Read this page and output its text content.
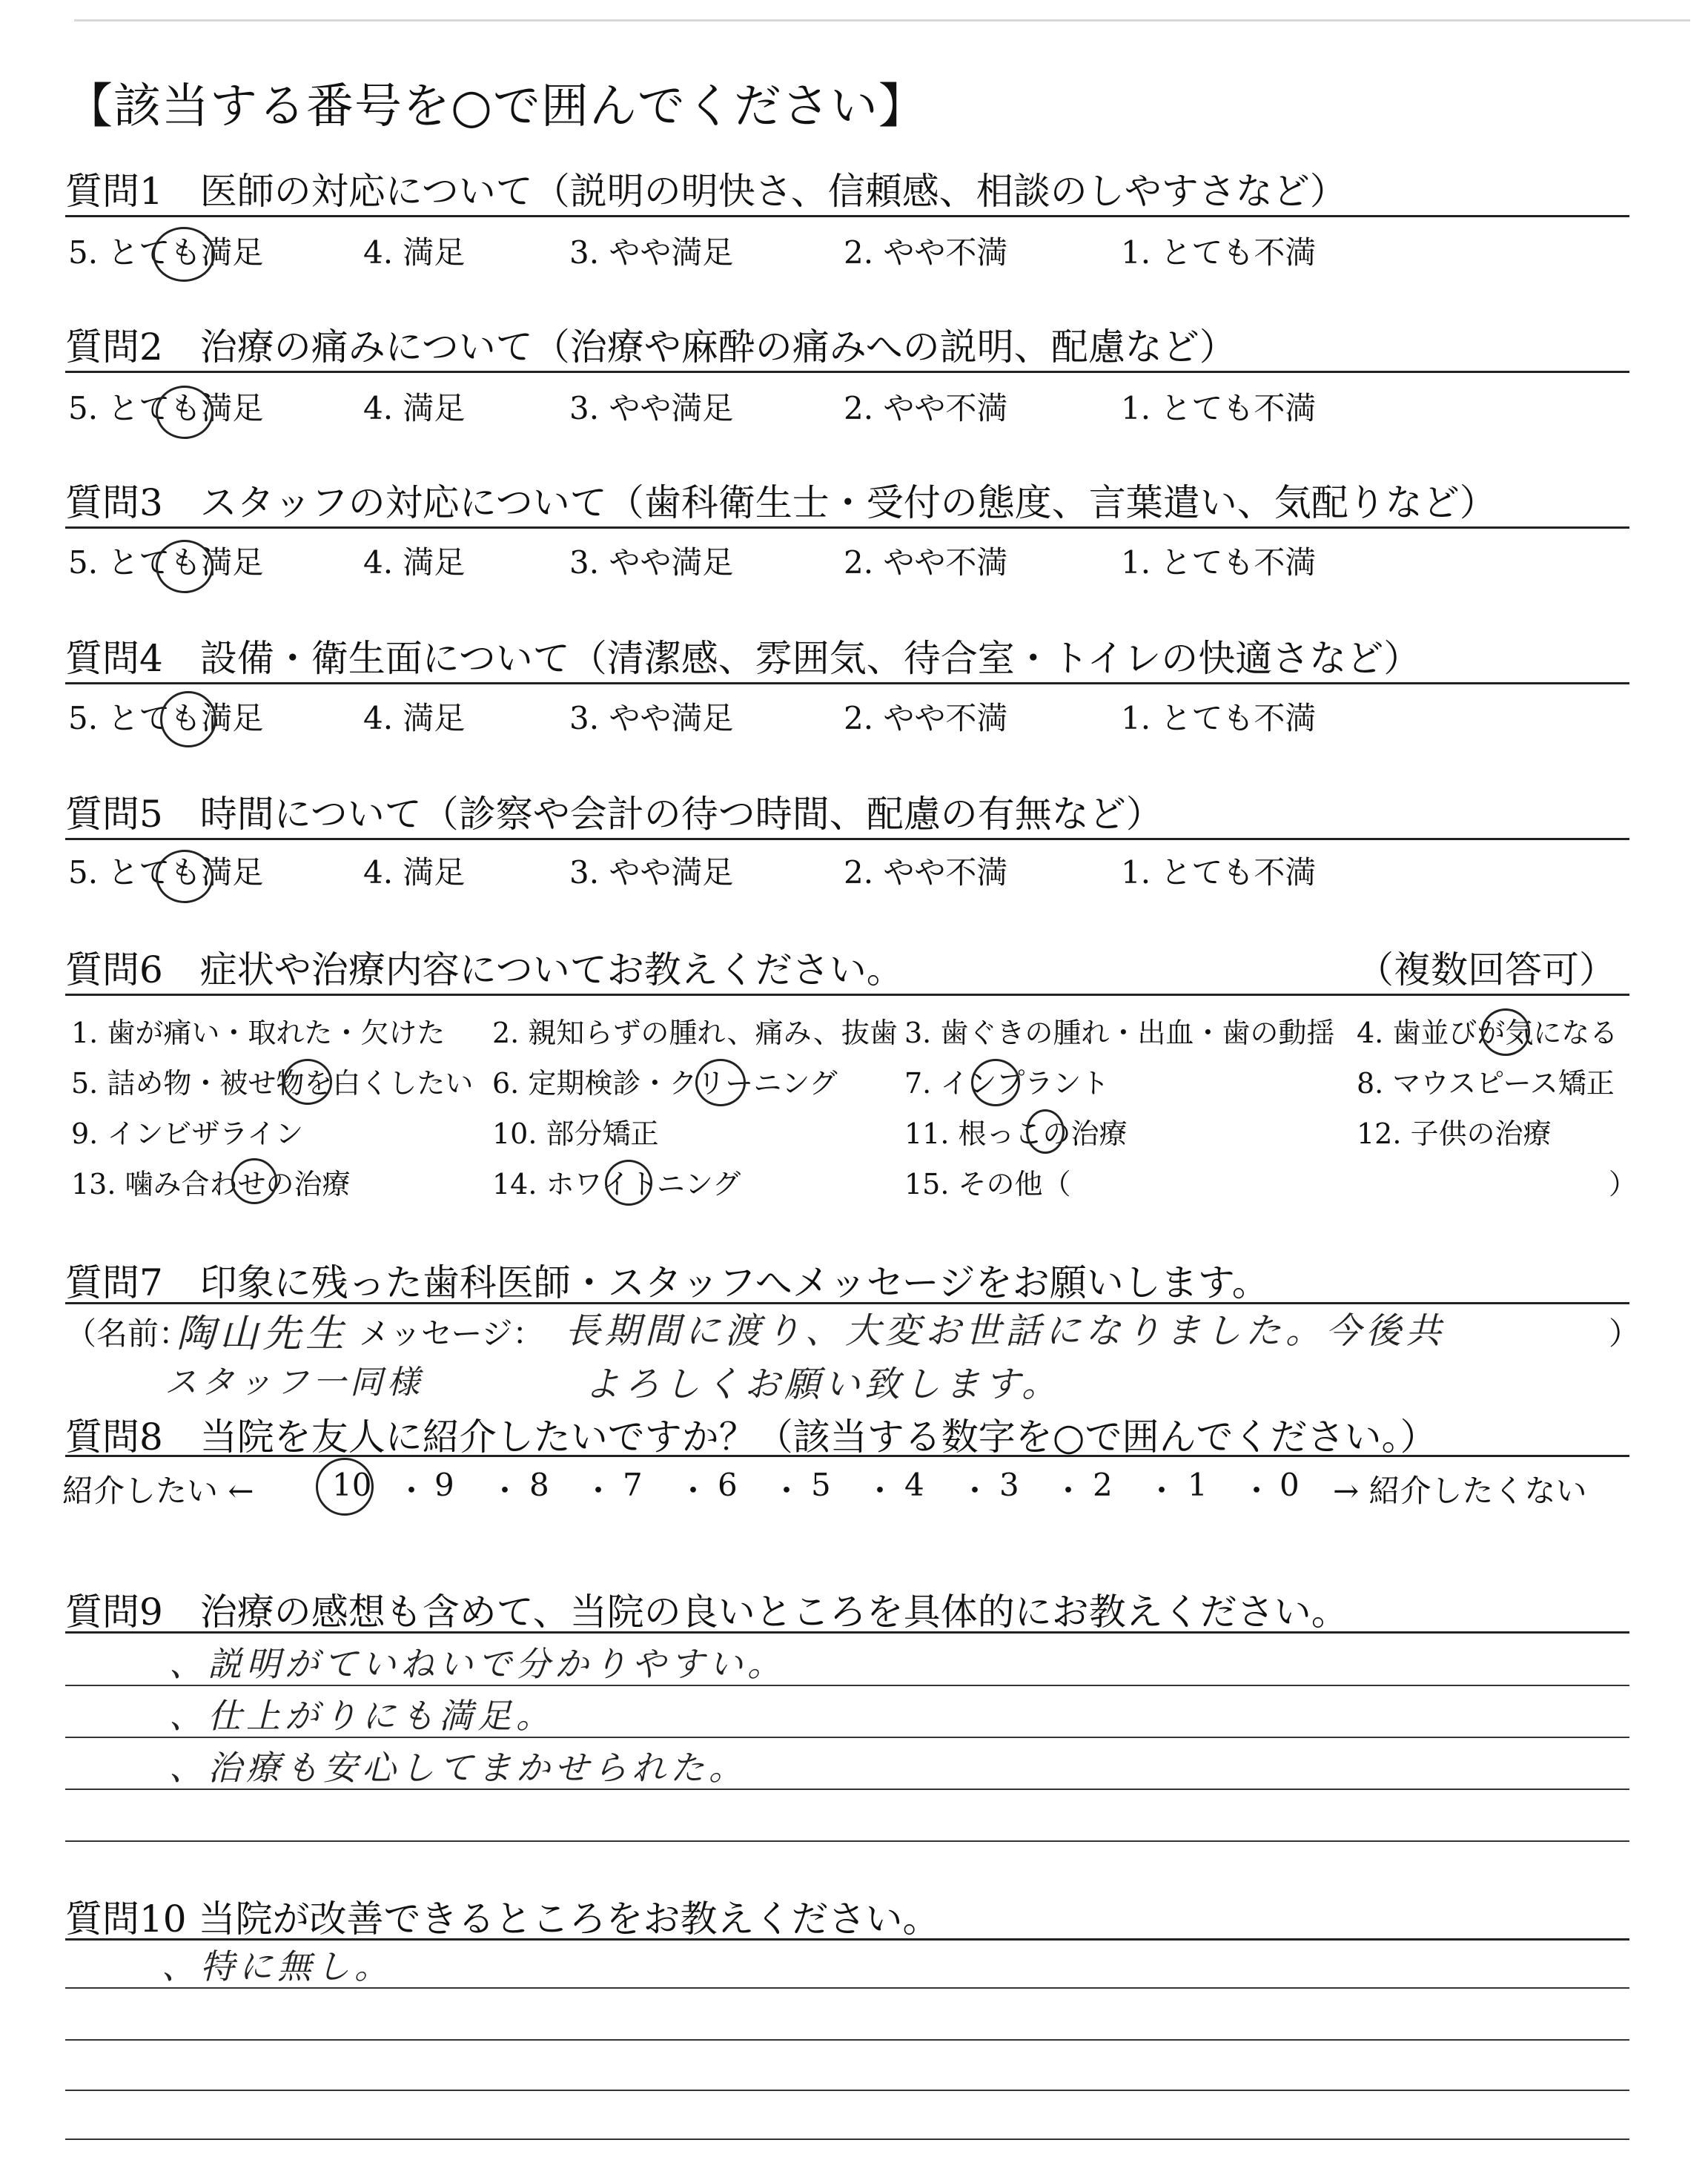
【該当する番号を○で囲んでください】
質問1　医師の対応について（説明の明快さ、信頼感、相談のしやすさなど）
5. とても満足	4. 満足	3. やや満足	2. やや不満	1. とても不満
質問2　治療の痛みについて（治療や麻酔の痛みへの説明、配慮など）
5. とても満足	4. 満足	3. やや満足	2. やや不満	1. とても不満
質問3　スタッフの対応について（歯科衛生士・受付の態度、言葉遣い、気配りなど）
5. とても満足	4. 満足	3. やや満足	2. やや不満	1. とても不満
質問4　設備・衛生面について（清潔感、雰囲気、待合室・トイレの快適さなど）
5. とても満足	4. 満足	3. やや満足	2. やや不満	1. とても不満
質問5　時間について（診察や会計の待つ時間、配慮の有無など）
5. とても満足	4. 満足	3. やや満足	2. やや不満	1. とても不満
質問6　症状や治療内容についてお教えください。	（複数回答可）
1. 歯が痛い・取れた・欠けた 2. 親知らずの腫れ、痛み、抜歯 3. 歯ぐきの腫れ・出血・歯の動揺 4. 歯並びが気になる
5. 詰め物・被せ物を白くしたい 6. 定期検診・クリーニング 7. インプラント	8. マウスピース矯正
9. インビザライン	10. 部分矯正	11. 根っこの治療	12. 子供の治療
13. 噛み合わせの治療	14. ホワイトニング	15. その他（	）
質問7　印象に残った歯科医師・スタッフへメッセージをお願いします。
（名前：
陶山先生 メッセージ： 長期間に渡り、大変お世話になりました。今後共	）
スタッフ一同様	よろしくお願い致します。
質問8　当院を友人に紹介したいですか？（該当する数字を○で囲んでください。）
紹介したい ←	10 ・ 9 ・ 8 ・ 7 ・ 6 ・ 5 ・ 4 ・ 3 ・ 2 ・ 1 ・ 0 → 紹介したくない
質問9　治療の感想も含めて、当院の良いところを具体的にお教えください。
、説明がていねいで分かりやすい。
、仕上がりにも満足。
、治療も安心してまかせられた。
質問10 当院が改善できるところをお教えください。
、特に無し。
